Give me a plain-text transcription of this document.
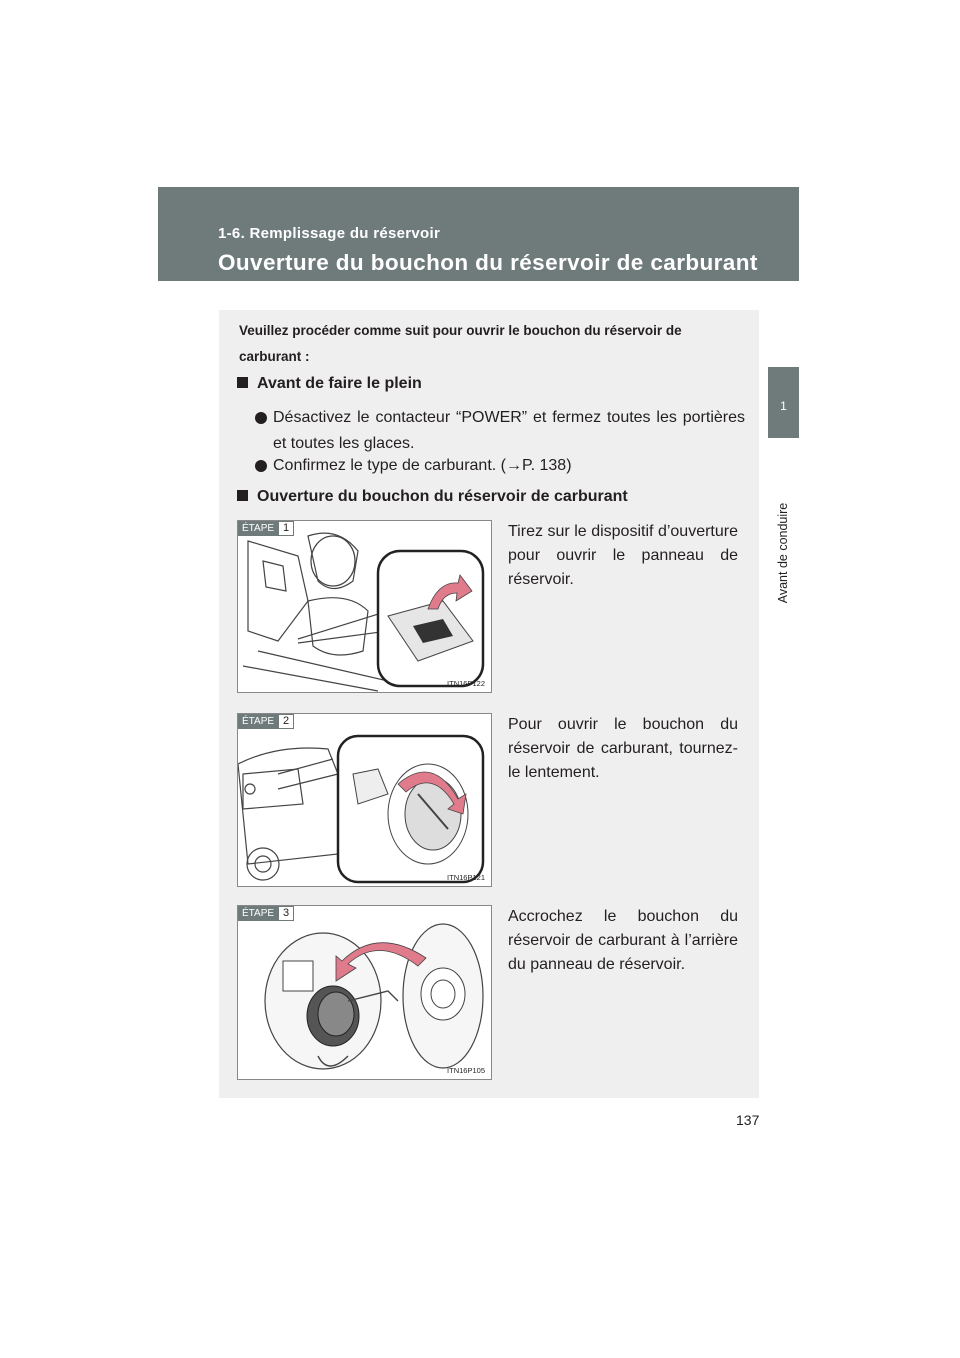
1-6. Remplissage du réservoir
Ouverture du bouchon du réservoir de carburant
1
Avant de conduire
Veuillez procéder comme suit pour ouvrir le bouchon du réservoir de carburant :
Avant de faire le plein
Désactivez le contacteur “POWER” et fermez toutes les portières et toutes les glaces.
Confirmez le type de carburant. (→P. 138)
Ouverture du bouchon du réservoir de carburant
ÉTAPE 1
ITN16P122
Tirez sur le dispositif d’ouverture pour ouvrir le panneau de réservoir.
ÉTAPE 2
ITN16P121
Pour ouvrir le bouchon du réservoir de carburant, tournez-le lentement.
ÉTAPE 3
ITN16P105
Accrochez le bouchon du réservoir de carburant à l’arrière du panneau de réservoir.
137
